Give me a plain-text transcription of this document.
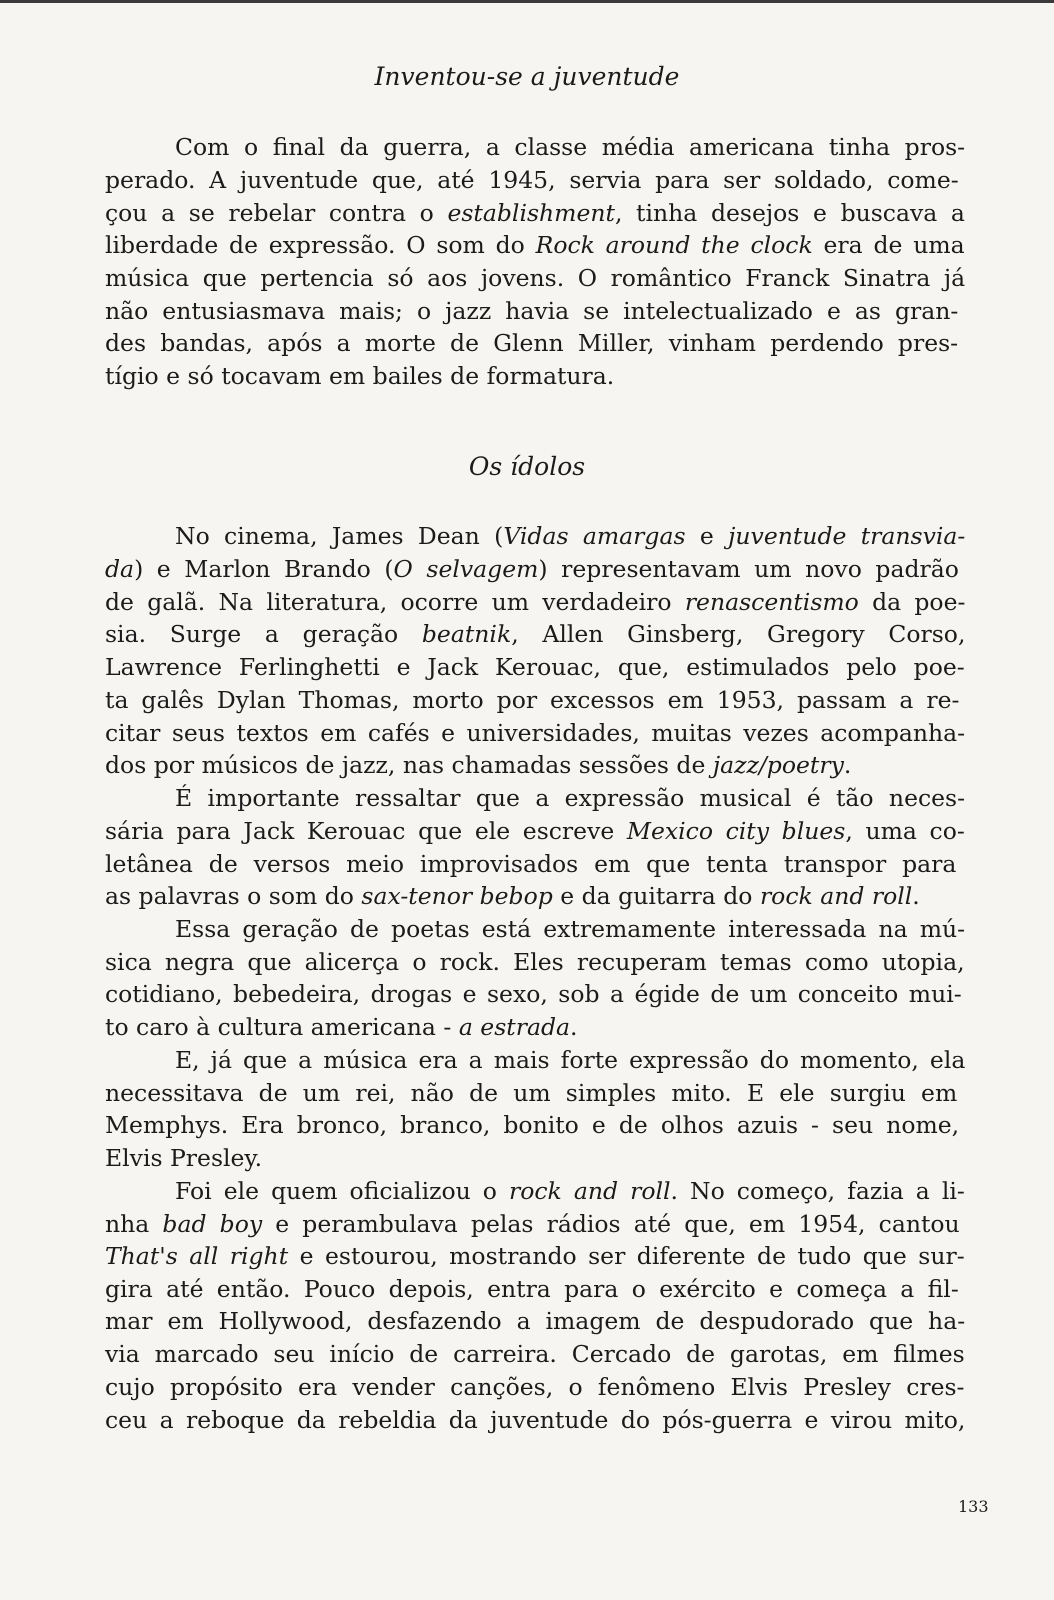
Inventou-se a juventude
Com o final da guerra, a classe média americana tinha pros-
perado. A juventude que, até 1945, servia para ser soldado, come-
çou a se rebelar contra o establishment, tinha desejos e buscava a
liberdade de expressão. O som do Rock around the clock era de uma
música que pertencia só aos jovens. O romântico Franck Sinatra já
não entusiasmava mais; o jazz havia se intelectualizado e as gran-
des bandas, após a morte de Glenn Miller, vinham perdendo pres-
tígio e só tocavam em bailes de formatura.
Os ídolos
No cinema, James Dean (Vidas amargas e juventude transvia-
da) e Marlon Brando (O selvagem) representavam um novo padrão
de galã. Na literatura, ocorre um verdadeiro renascentismo da poe-
sia. Surge a geração beatnik, Allen Ginsberg, Gregory Corso,
Lawrence Ferlinghetti e Jack Kerouac, que, estimulados pelo poe-
ta galês Dylan Thomas, morto por excessos em 1953, passam a re-
citar seus textos em cafés e universidades, muitas vezes acompanha-
dos por músicos de jazz, nas chamadas sessões de jazz/poetry.
É importante ressaltar que a expressão musical é tão neces-
sária para Jack Kerouac que ele escreve Mexico city blues, uma co-
letânea de versos meio improvisados em que tenta transpor para
as palavras o som do sax-tenor bebop e da guitarra do rock and roll.
Essa geração de poetas está extremamente interessada na mú-
sica negra que alicerça o rock. Eles recuperam temas como utopia,
cotidiano, bebedeira, drogas e sexo, sob a égide de um conceito mui-
to caro à cultura americana - a estrada.
E, já que a música era a mais forte expressão do momento, ela
necessitava de um rei, não de um simples mito. E ele surgiu em
Memphys. Era bronco, branco, bonito e de olhos azuis - seu nome,
Elvis Presley.
Foi ele quem oficializou o rock and roll. No começo, fazia a li-
nha bad boy e perambulava pelas rádios até que, em 1954, cantou
That's all right e estourou, mostrando ser diferente de tudo que sur-
gira até então. Pouco depois, entra para o exército e começa a fil-
mar em Hollywood, desfazendo a imagem de despudorado que ha-
via marcado seu início de carreira. Cercado de garotas, em filmes
cujo propósito era vender canções, o fenômeno Elvis Presley cres-
ceu a reboque da rebeldia da juventude do pós-guerra e virou mito,
133
